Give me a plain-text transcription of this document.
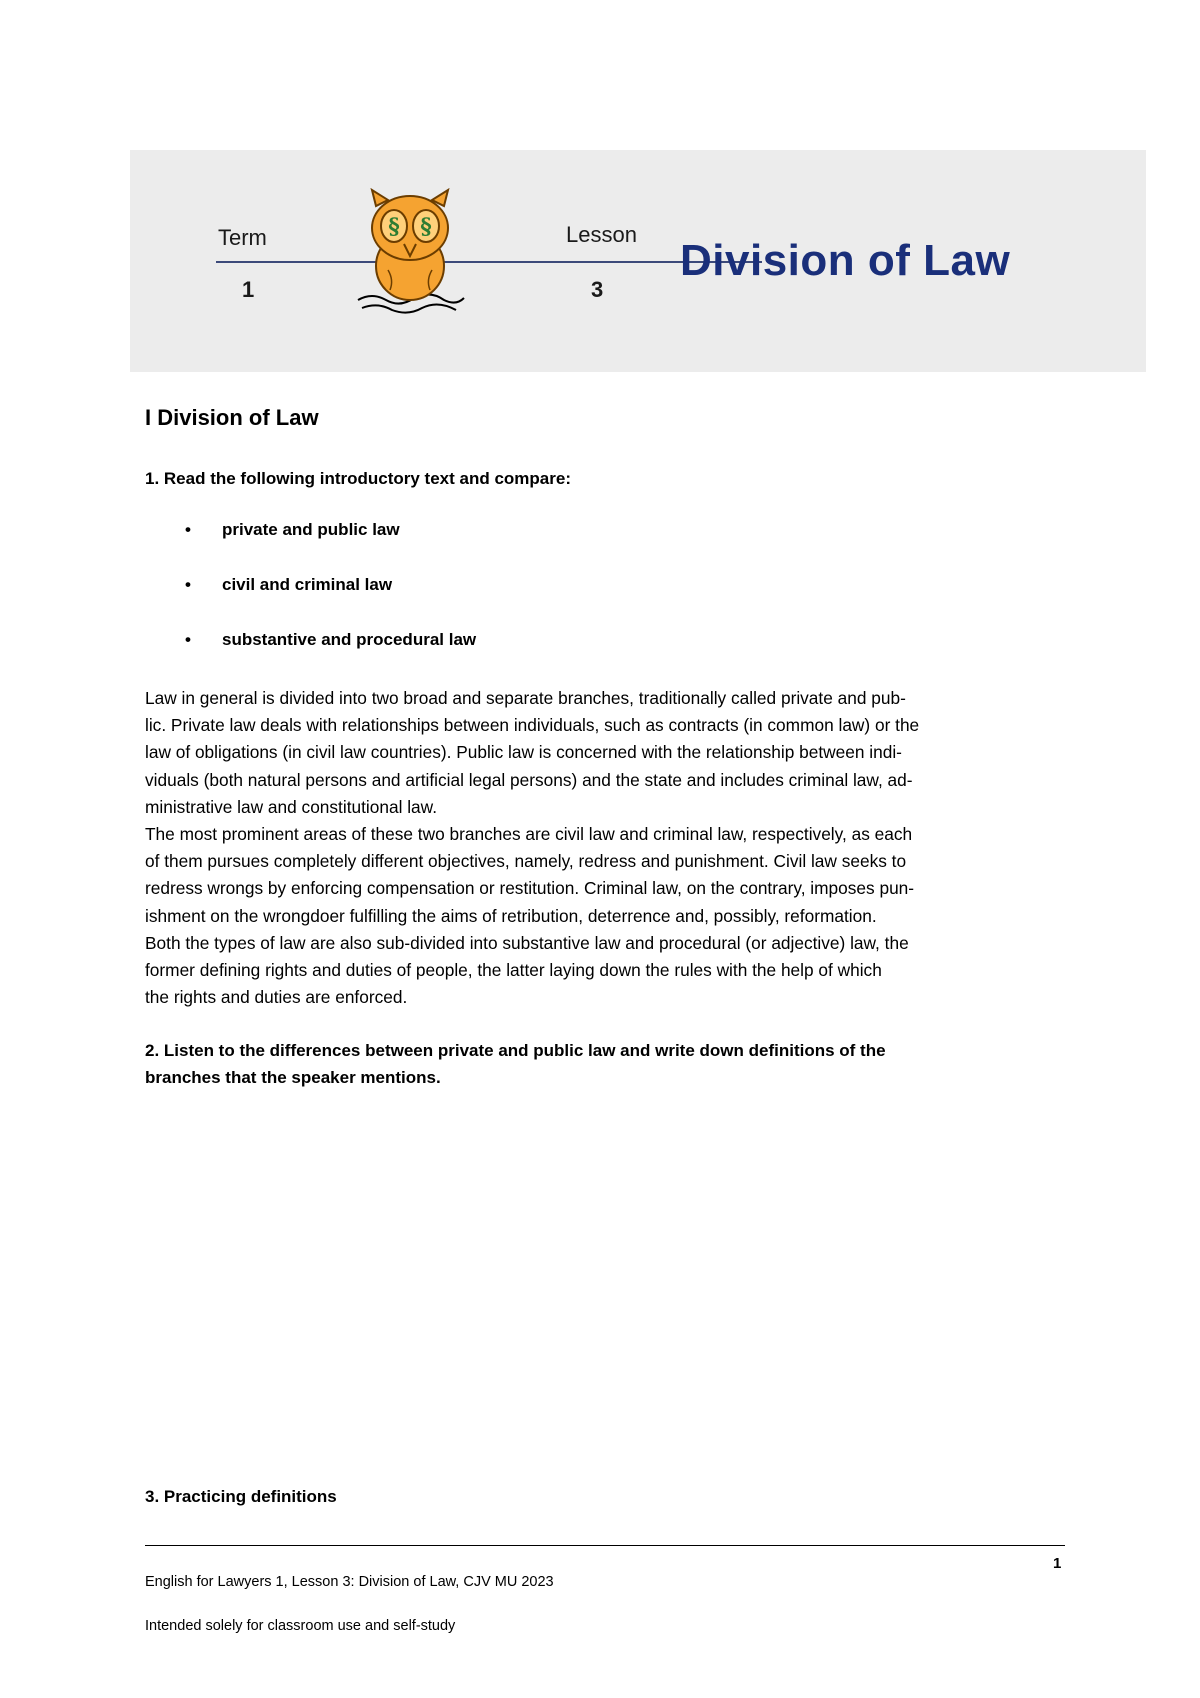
Term	Lesson
1	3
§ §
Division of Law
I Division of Law
1. Read the following introductory text and compare:
• private and public law
• civil and criminal law
• substantive and procedural law

Law in general is divided into two broad and separate branches, traditionally called private and pub-
lic. Private law deals with relationships between individuals, such as contracts (in common law) or the
law of obligations (in civil law countries). Public law is concerned with the relationship between indi-
viduals (both natural persons and artificial legal persons) and the state and includes criminal law, ad-
ministrative law and constitutional law.
The most prominent areas of these two branches are civil law and criminal law, respectively, as each
of them pursues completely different objectives, namely, redress and punishment. Civil law seeks to
redress wrongs by enforcing compensation or restitution. Criminal law, on the contrary, imposes pun-
ishment on the wrongdoer fulfilling the aims of retribution, deterrence and, possibly, reformation.
Both the types of law are also sub-divided into substantive law and procedural (or adjective) law, the
former defining rights and duties of people, the latter laying down the rules with the help of which
the rights and duties are enforced.

2. Listen to the differences between private and public law and write down definitions of the
branches that the speaker mentions.
3. Practicing definitions
1
English for Lawyers 1, Lesson 3: Division of Law, CJV MU 2023
Intended solely for classroom use and self-study
